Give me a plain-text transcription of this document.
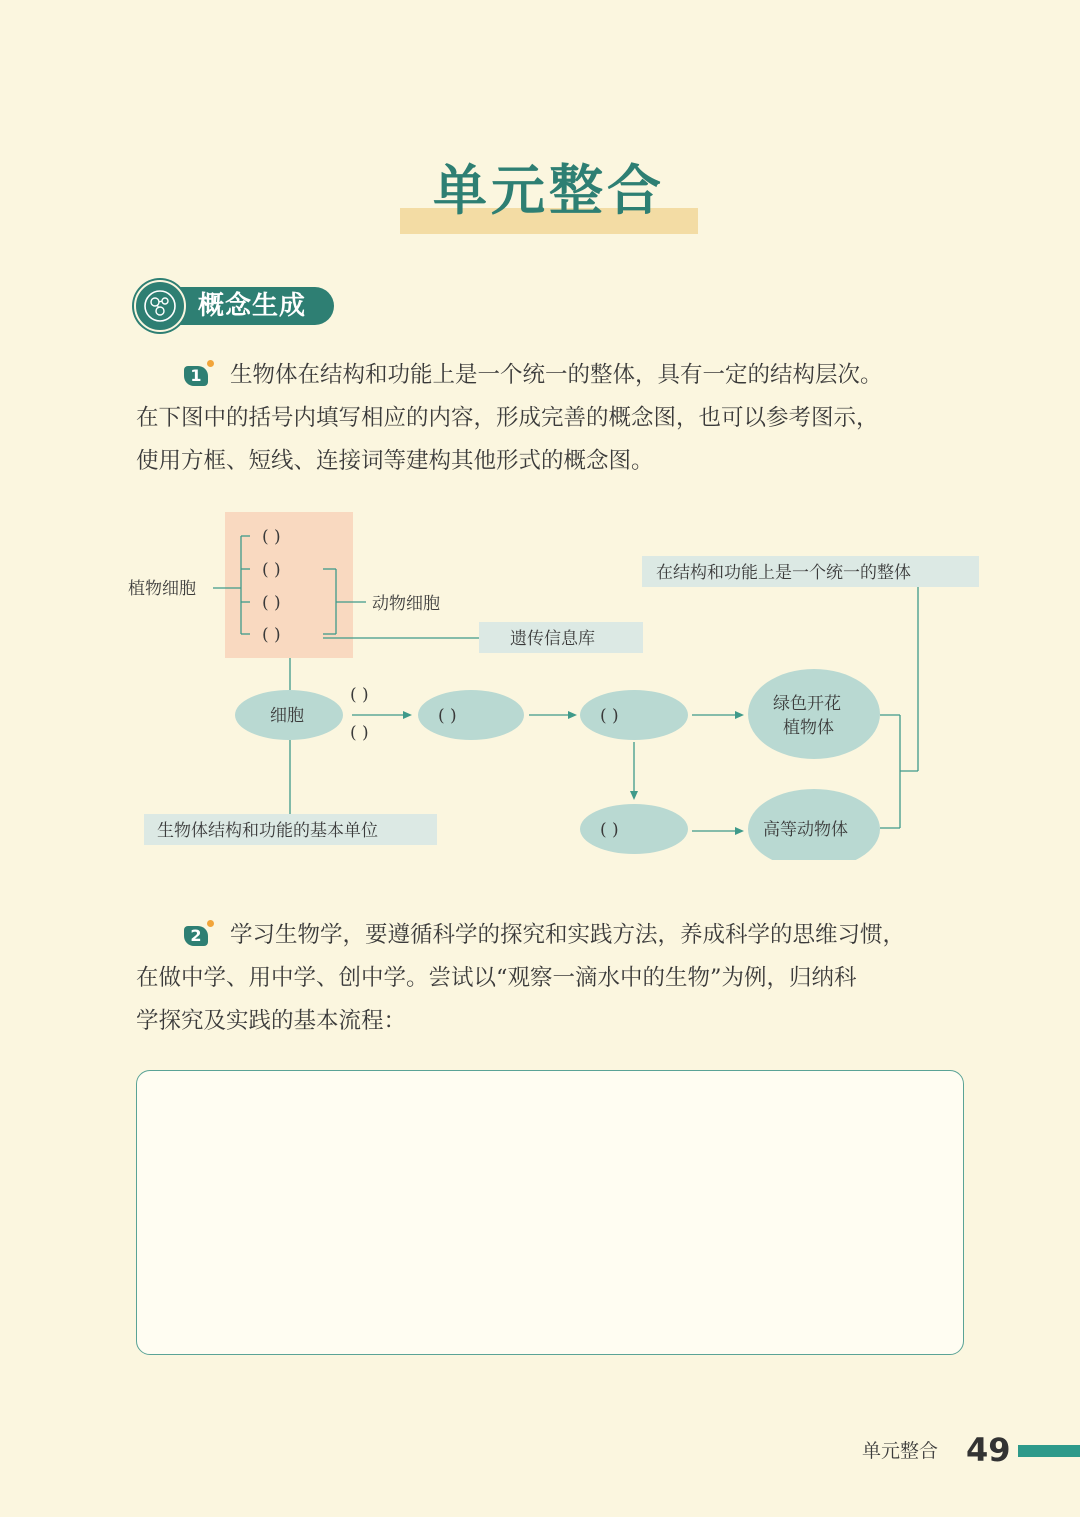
单元整合
概念生成

1 生物体在结构和功能上是一个统一的整体，具有一定的结构层次。
在下图中的括号内填写相应的内容，形成完善的概念图，也可以参考图示，
使用方框、短线、连接词等建构其他形式的概念图。

( )
( )
( )
( )
植物细胞
动物细胞
遗传信息库
在结构和功能上是一个统一的整体
细胞
( )
( )
( )	( )
( )
绿色开花
植物体
高等动物体
生物体结构和功能的基本单位

2 学习生物学，要遵循科学的探究和实践方法，养成科学的思维习惯，
在做中学、用中学、创中学。尝试以“观察一滴水中的生物”为例，归纳科
学探究及实践的基本流程：

单元整合 49
